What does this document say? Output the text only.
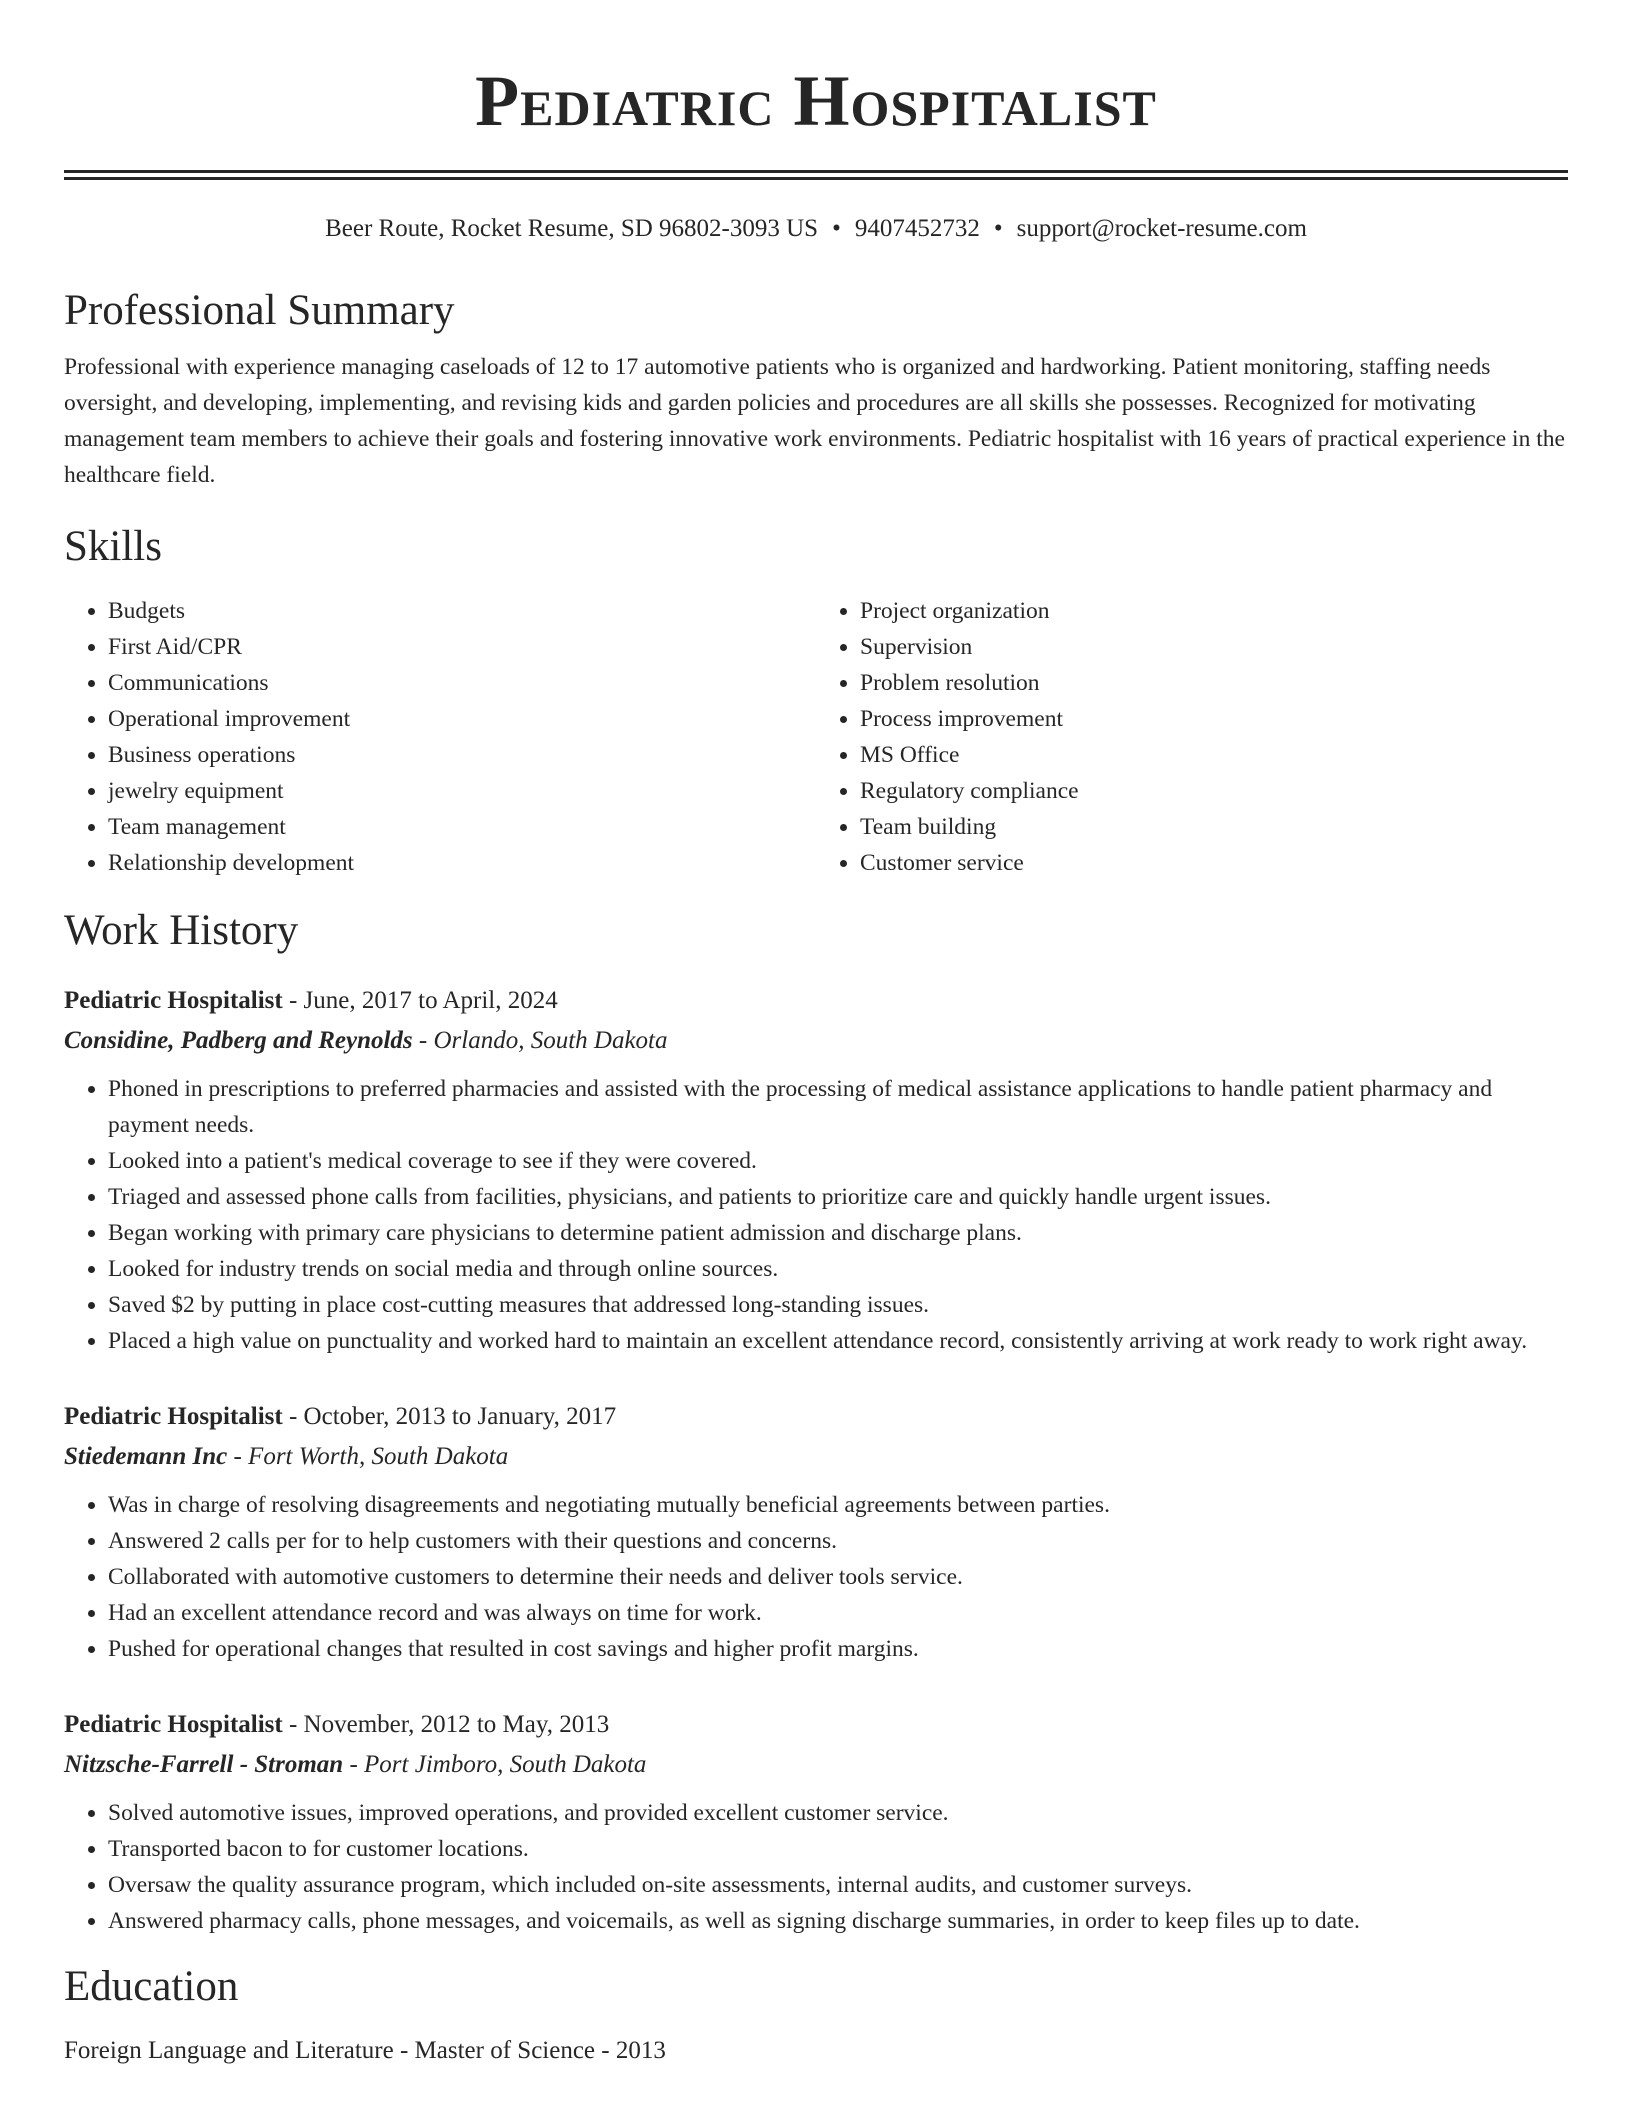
Pediatric Hospitalist
Beer Route, Rocket Resume, SD 96802-3093 US • 9407452732 • support@rocket-resume.com
Professional Summary

Professional with experience managing caseloads of 12 to 17 automotive patients who is organized and hardworking. Patient monitoring, staffing needs oversight, and developing, implementing, and revising kids and garden policies and procedures are all skills she possesses. Recognized for motivating management team members to achieve their goals and fostering innovative work environments. Pediatric hospitalist with 16 years of practical experience in the healthcare field.

Skills
• Budgets
• First Aid/CPR
• Communications
• Operational improvement
• Business operations
• jewelry equipment
• Team management
• Relationship development
• Project organization
• Supervision
• Problem resolution
• Process improvement
• MS Office
• Regulatory compliance
• Team building
• Customer service
Work History
Pediatric Hospitalist - June, 2017 to April, 2024
Considine, Padberg and Reynolds - Orlando, South Dakota
• Phoned in prescriptions to preferred pharmacies and assisted with the processing of medical assistance applications to handle patient pharmacy and payment needs.
• Looked into a patient's medical coverage to see if they were covered.
• Triaged and assessed phone calls from facilities, physicians, and patients to prioritize care and quickly handle urgent issues.
• Began working with primary care physicians to determine patient admission and discharge plans.
• Looked for industry trends on social media and through online sources.
• Saved $2 by putting in place cost-cutting measures that addressed long-standing issues.
• Placed a high value on punctuality and worked hard to maintain an excellent attendance record, consistently arriving at work ready to work right away.
Pediatric Hospitalist - October, 2013 to January, 2017
Stiedemann Inc - Fort Worth, South Dakota
• Was in charge of resolving disagreements and negotiating mutually beneficial agreements between parties.
• Answered 2 calls per for to help customers with their questions and concerns.
• Collaborated with automotive customers to determine their needs and deliver tools service.
• Had an excellent attendance record and was always on time for work.
• Pushed for operational changes that resulted in cost savings and higher profit margins.
Pediatric Hospitalist - November, 2012 to May, 2013
Nitzsche-Farrell - Stroman - Port Jimboro, South Dakota
• Solved automotive issues, improved operations, and provided excellent customer service.
• Transported bacon to for customer locations.
• Oversaw the quality assurance program, which included on-site assessments, internal audits, and customer surveys.
• Answered pharmacy calls, phone messages, and voicemails, as well as signing discharge summaries, in order to keep files up to date.
Education
Foreign Language and Literature - Master of Science - 2013
